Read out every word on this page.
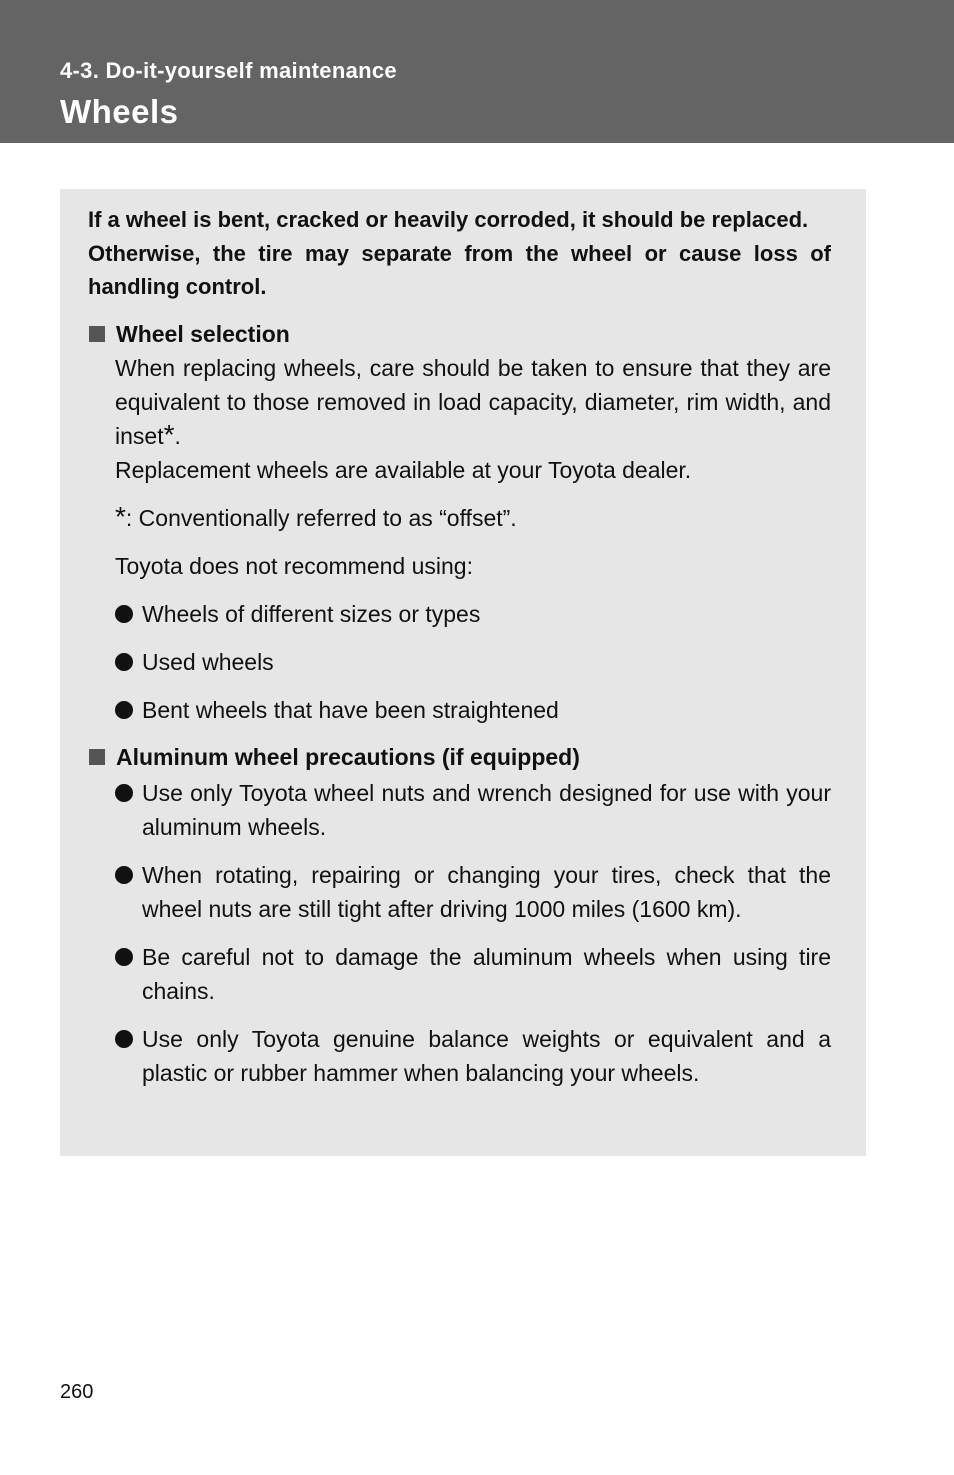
4-3. Do-it-yourself maintenance
Wheels

If a wheel is bent, cracked or heavily corroded, it should be replaced.
Otherwise, the tire may separate from the wheel or cause loss of handling control.

Wheel selection

When replacing wheels, care should be taken to ensure that they are equivalent to those removed in load capacity, diameter, rim width, and inset*.
Replacement wheels are available at your Toyota dealer.

*: Conventionally referred to as “offset”.

Toyota does not recommend using:

Wheels of different sizes or types
Used wheels
Bent wheels that have been straightened
Aluminum wheel precautions (if equipped)
Use only Toyota wheel nuts and wrench designed for use with your aluminum wheels.
When rotating, repairing or changing your tires, check that the wheel nuts are still tight after driving 1000 miles (1600 km).
Be careful not to damage the aluminum wheels when using tire chains.
Use only Toyota genuine balance weights or equivalent and a plastic or rubber hammer when balancing your wheels.
260
